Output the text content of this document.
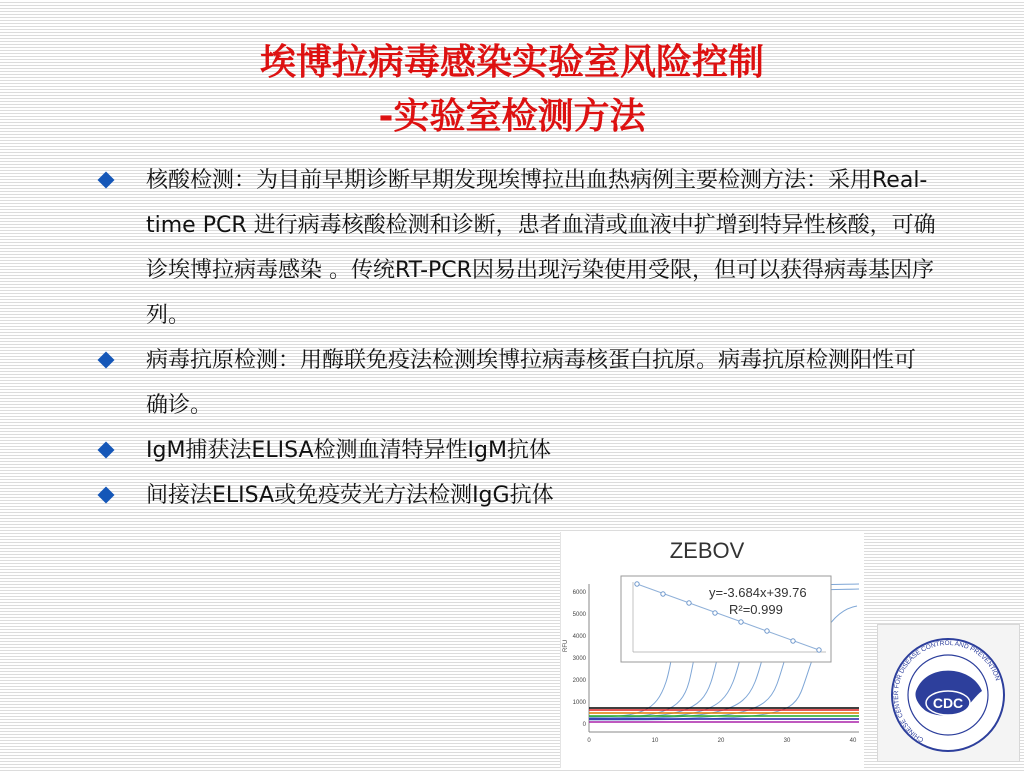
埃博拉病毒感染实验室风险控制
-实验室检测方法
核酸检测：为目前早期诊断早期发现埃博拉出血热病例主要检测方法：采用Real-time PCR 进行病毒核酸检测和诊断，患者血清或血液中扩增到特异性核酸，可确诊埃博拉病毒感染 。传统RT-PCR因易出现污染使用受限，但可以获得病毒基因序列。
病毒抗原检测：用酶联免疫法检测埃博拉病毒核蛋白抗原。病毒抗原检测阳性可确诊。
IgM捕获法ELISA检测血清特异性IgM抗体
间接法ELISA或免疫荧光方法检测IgG抗体
ZEBOV
6000
5000
4000
3000
2000
1000
0
RFU
0	10	20	30	40
y=-3.684x+39.76
R²=0.999
CHINESE CENTER FOR DISEASE CONTROL AND PREVENTION
CDC
